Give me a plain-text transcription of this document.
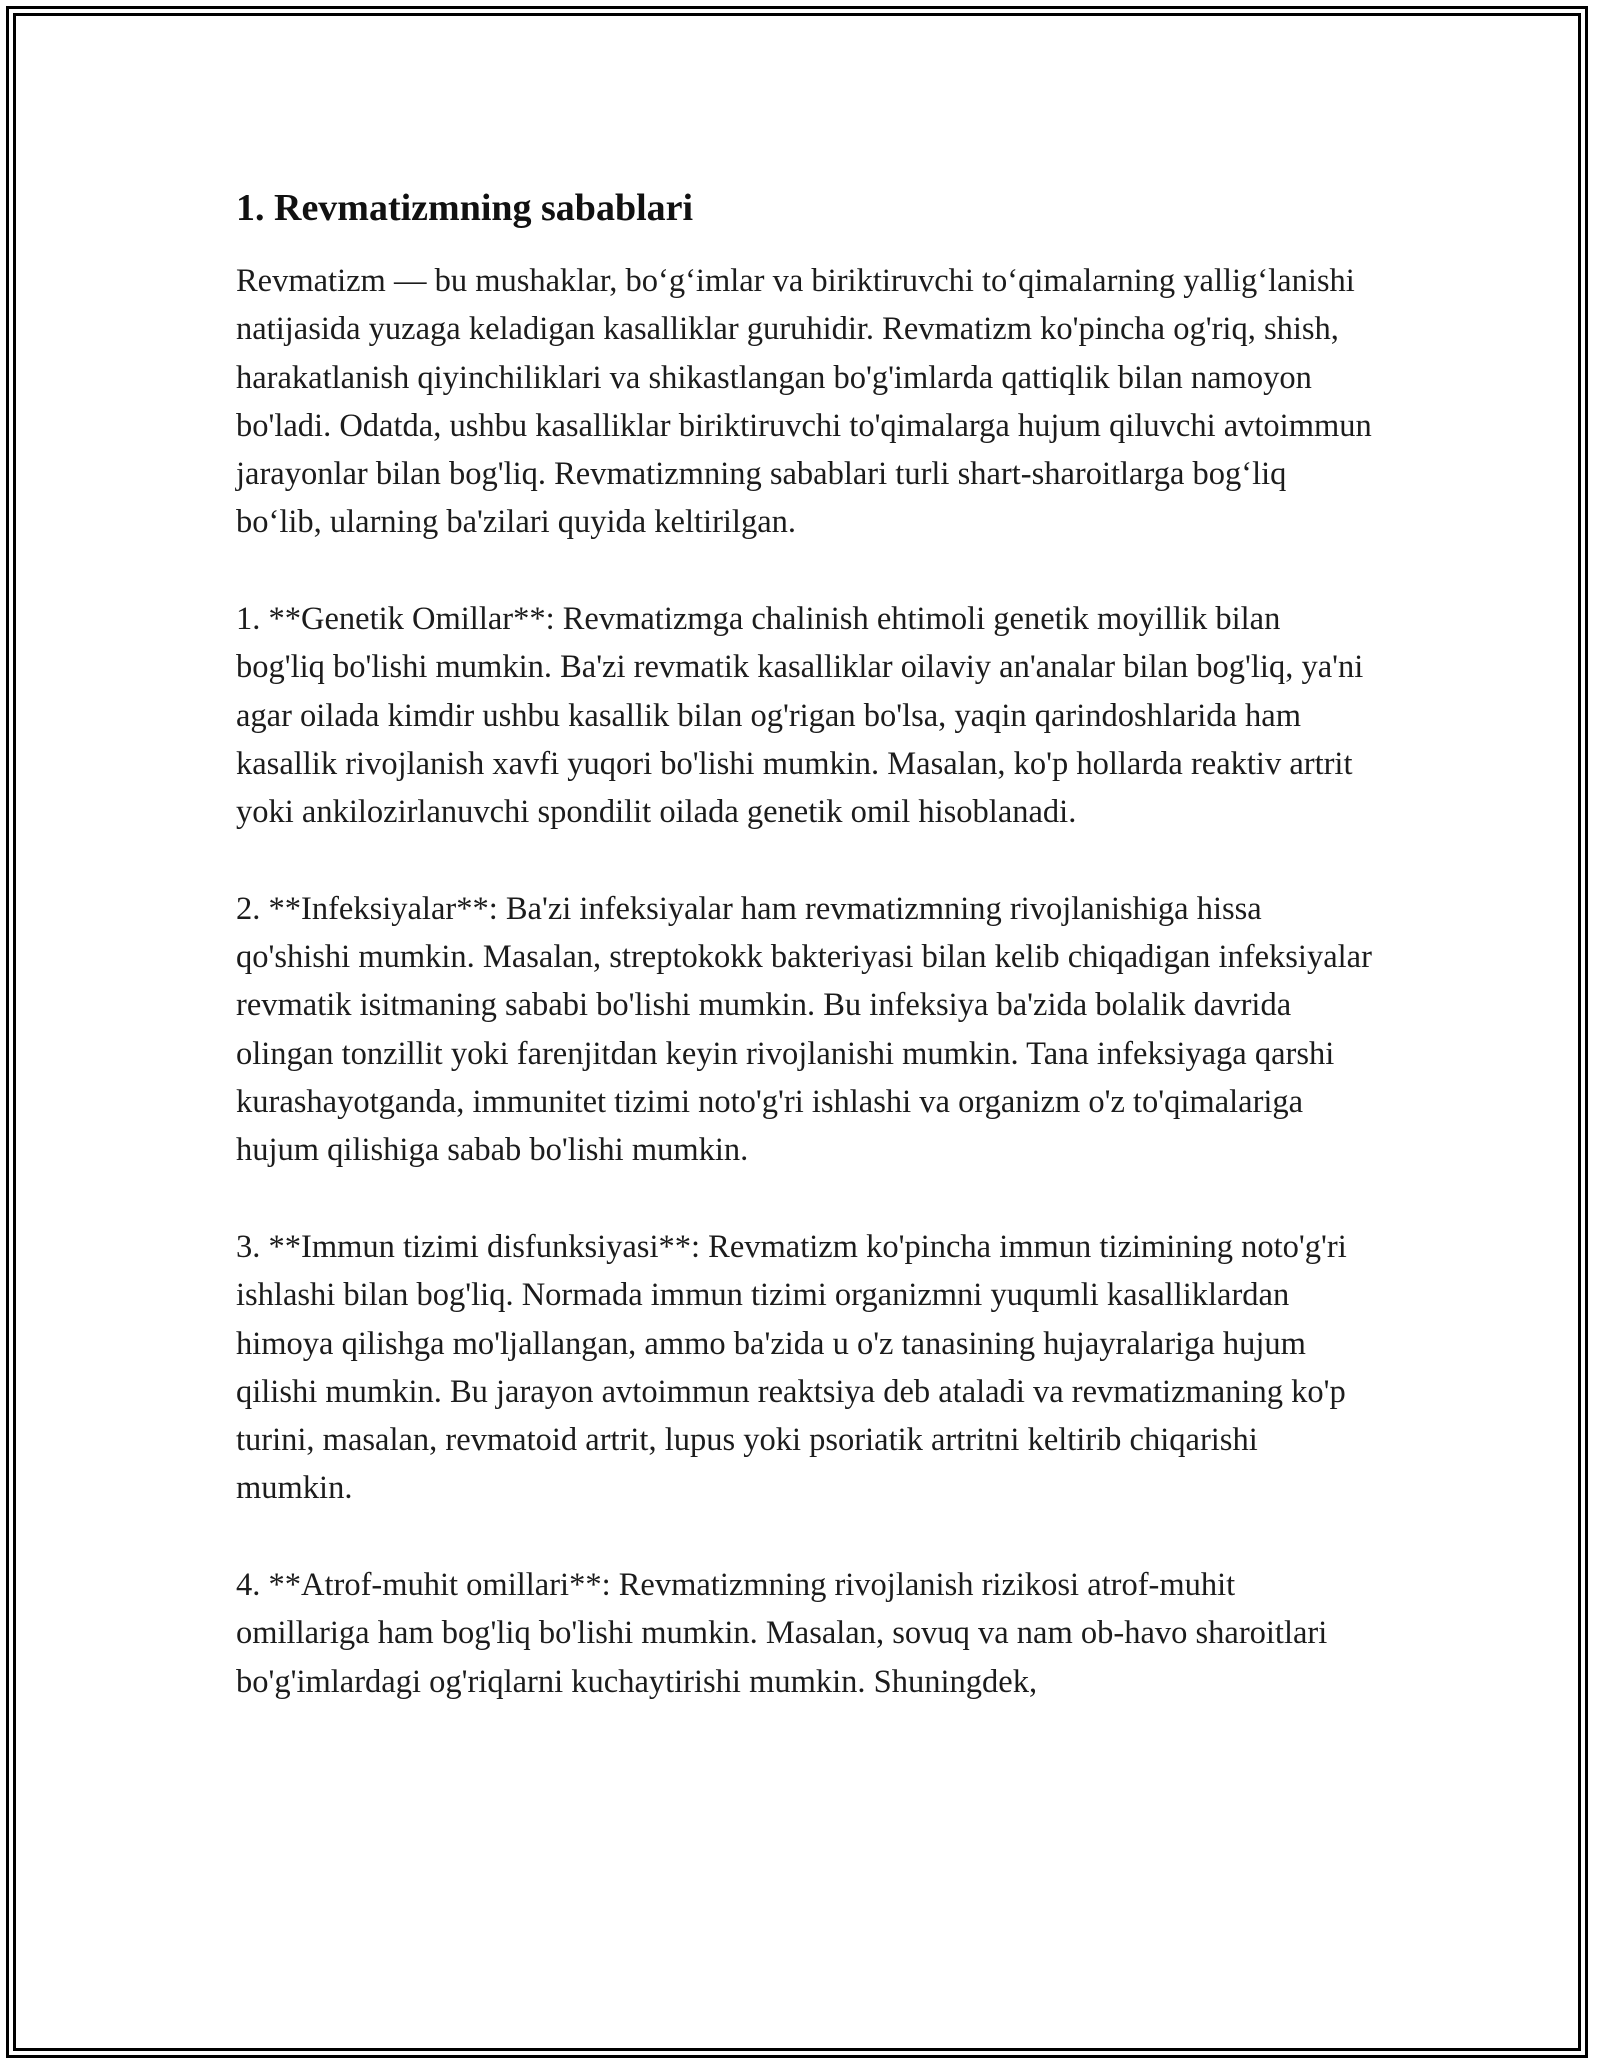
1. Revmatizmning sabablari

Revmatizm — bu mushaklar, bo‘g‘imlar va biriktiruvchi to‘qimalarning yallig‘lanishi natijasida yuzaga keladigan kasalliklar guruhidir. Revmatizm ko'pincha og'riq, shish, harakatlanish qiyinchiliklari va shikastlangan bo'g'imlarda qattiqlik bilan namoyon bo'ladi. Odatda, ushbu kasalliklar biriktiruvchi to'qimalarga hujum qiluvchi avtoimmun jarayonlar bilan bog'liq. Revmatizmning sabablari turli shart-sharoitlarga bog‘liq bo‘lib, ularning ba'zilari quyida keltirilgan.

1. **Genetik Omillar**: Revmatizmga chalinish ehtimoli genetik moyillik bilan bog'liq bo'lishi mumkin. Ba'zi revmatik kasalliklar oilaviy an'analar bilan bog'liq, ya'ni agar oilada kimdir ushbu kasallik bilan og'rigan bo'lsa, yaqin qarindoshlarida ham kasallik rivojlanish xavfi yuqori bo'lishi mumkin. Masalan, ko'p hollarda reaktiv artrit yoki ankilozirlanuvchi spondilit oilada genetik omil hisoblanadi.

2. **Infeksiyalar**: Ba'zi infeksiyalar ham revmatizmning rivojlanishiga hissa qo'shishi mumkin. Masalan, streptokokk bakteriyasi bilan kelib chiqadigan infeksiyalar revmatik isitmaning sababi bo'lishi mumkin. Bu infeksiya ba'zida bolalik davrida olingan tonzillit yoki farenjitdan keyin rivojlanishi mumkin. Tana infeksiyaga qarshi kurashayotganda, immunitet tizimi noto'g'ri ishlashi va organizm o'z to'qimalariga hujum qilishiga sabab bo'lishi mumkin.

3. **Immun tizimi disfunksiyasi**: Revmatizm ko'pincha immun tizimining noto'g'ri ishlashi bilan bog'liq. Normada immun tizimi organizmni yuqumli kasalliklardan himoya qilishga mo'ljallangan, ammo ba'zida u o'z tanasining hujayralariga hujum qilishi mumkin. Bu jarayon avtoimmun reaktsiya deb ataladi va revmatizmaning ko'p turini, masalan, revmatoid artrit, lupus yoki psoriatik artritni keltirib chiqarishi mumkin.

4. **Atrof-muhit omillari**: Revmatizmning rivojlanish rizikosi atrof-muhit omillariga ham bog'liq bo'lishi mumkin. Masalan, sovuq va nam ob-havo sharoitlari bo'g'imlardagi og'riqlarni kuchaytirishi mumkin. Shuningdek,
